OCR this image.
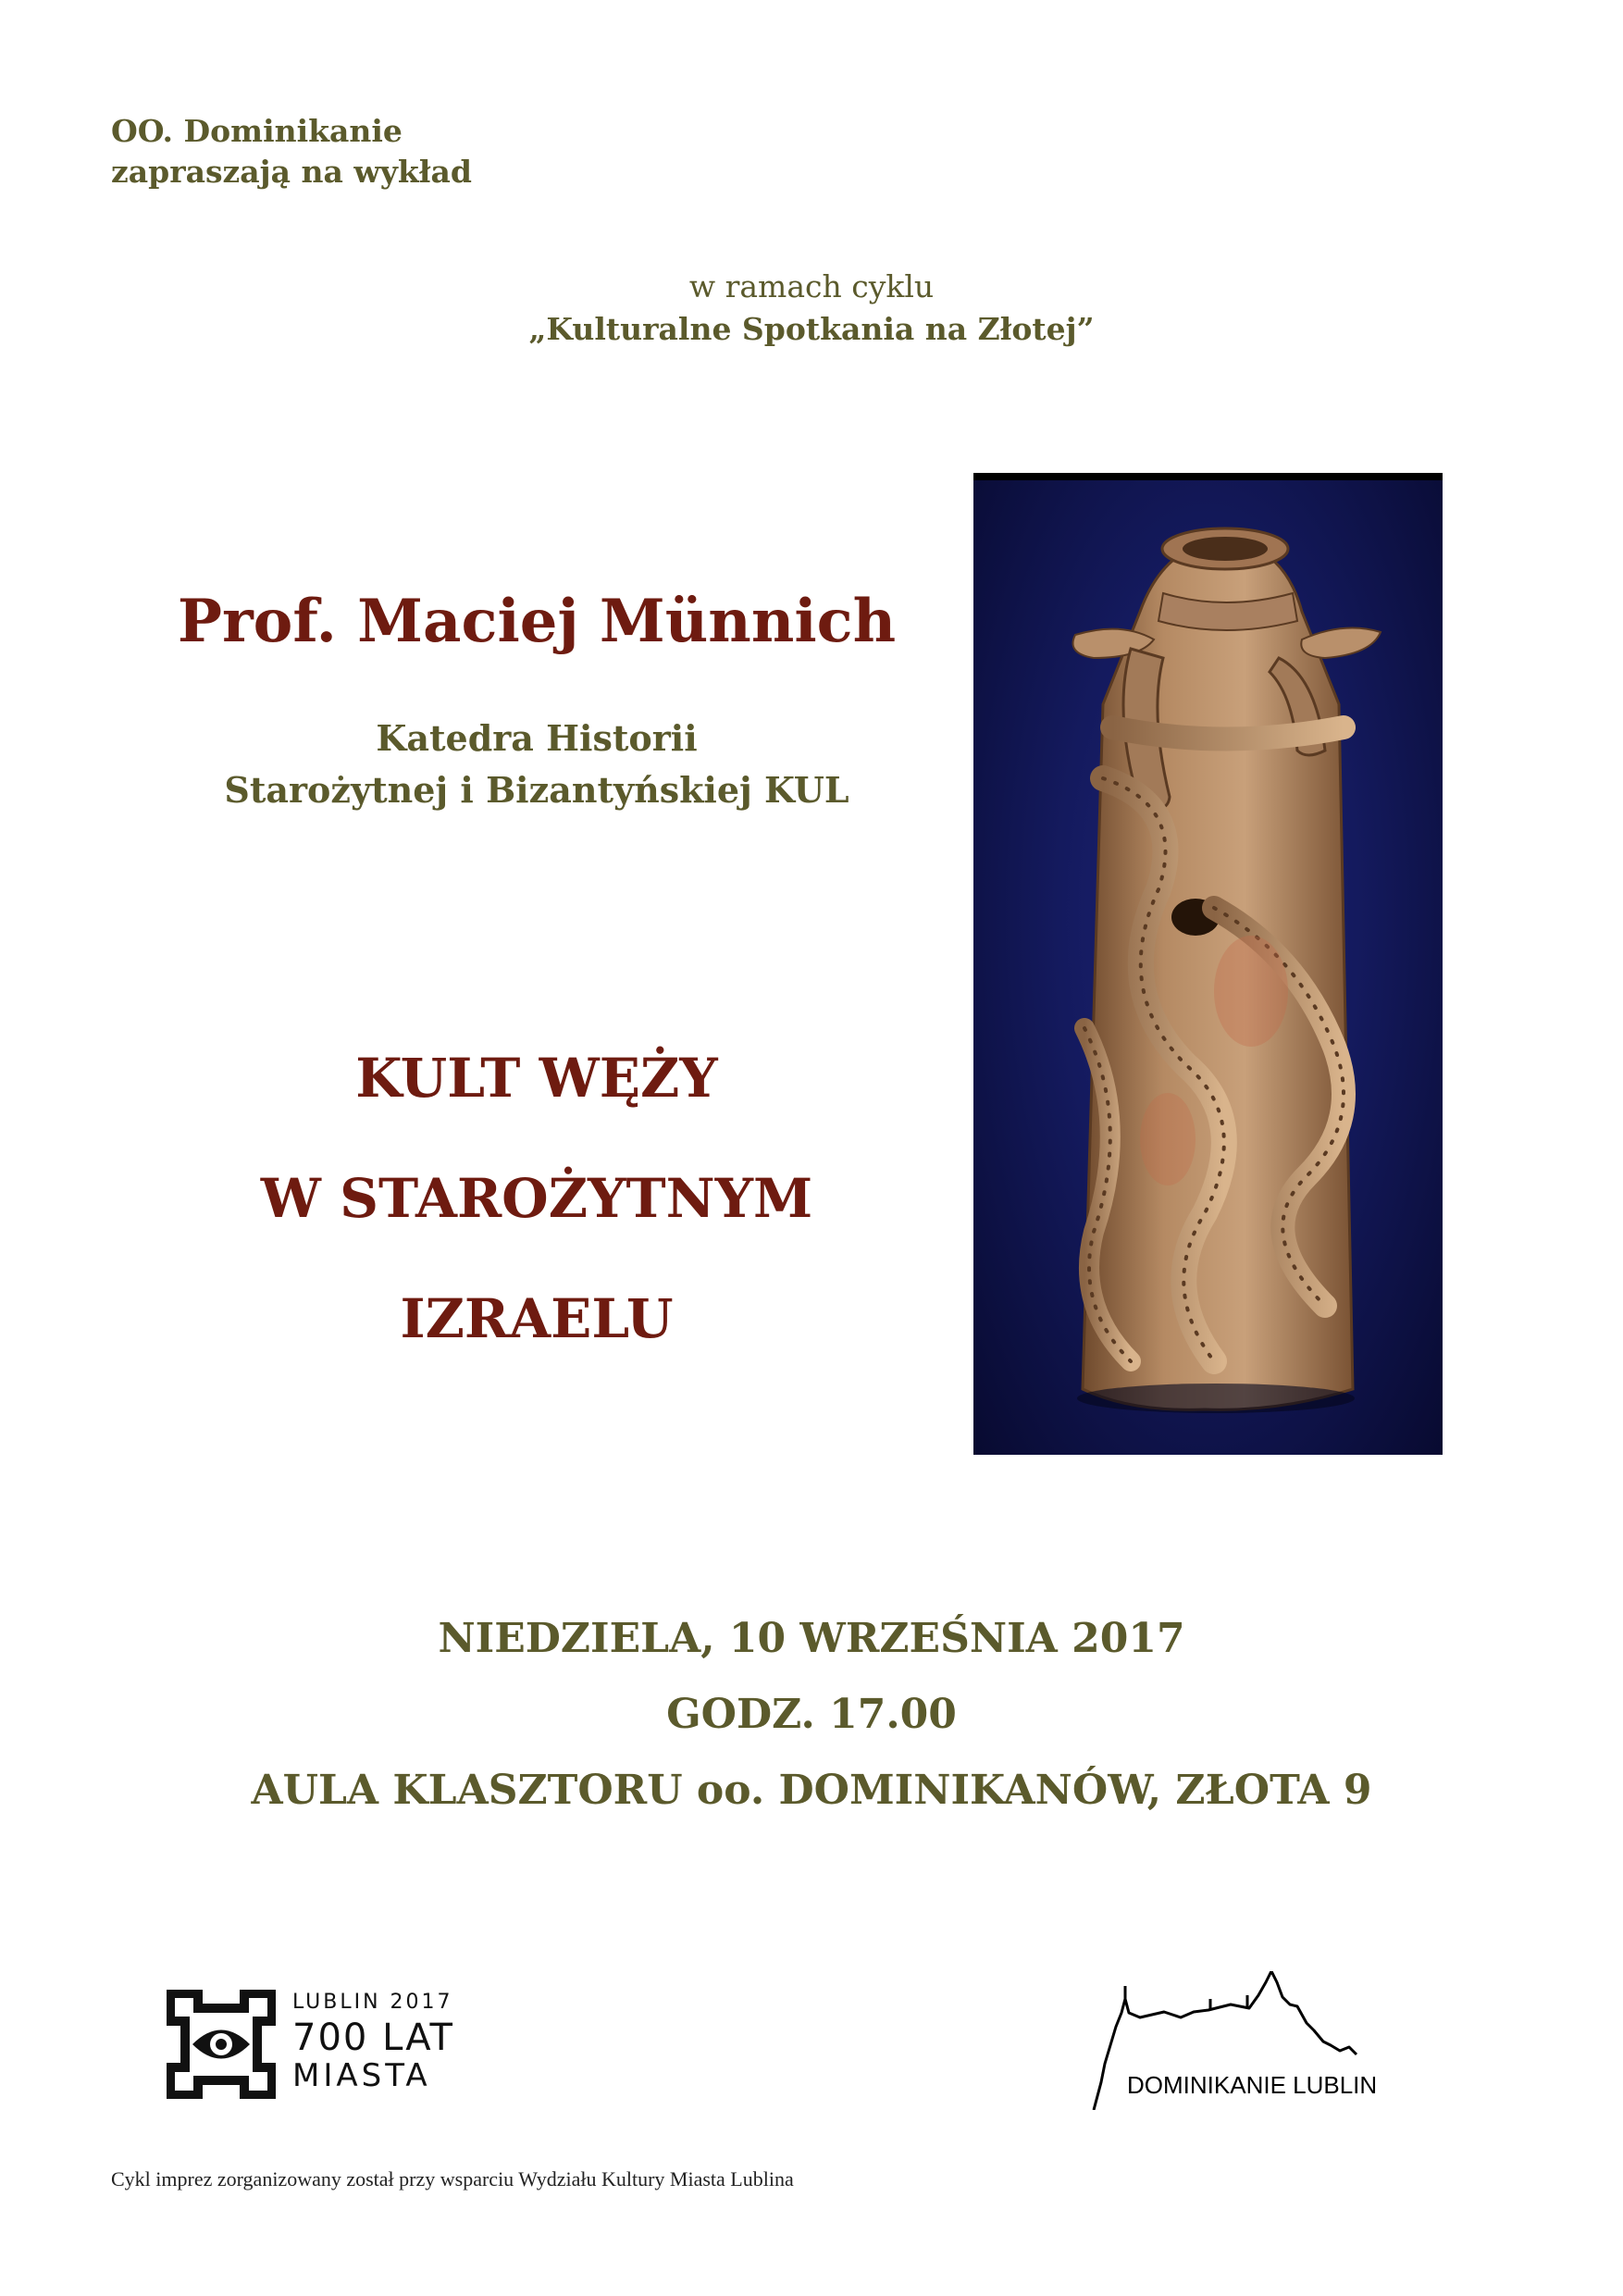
OO. Dominikanie
zapraszają na wykład
w ramach cyklu
„Kulturalne Spotkania na Złotej”
Prof. Maciej Münnich
Katedra Historii
Starożytnej i Bizantyńskiej KUL
KULT WĘŻY
W STAROŻYTNYM
IZRAELU
NIEDZIELA, 10 WRZEŚNIA 2017
GODZ. 17.00
AULA KLASZTORU oo. DOMINIKANÓW, ZŁOTA 9
LUBLIN 2017
700 LAT
MIASTA	DOMINIKANIE LUBLIN
Cykl imprez zorganizowany został przy wsparciu Wydziału Kultury Miasta Lublina
